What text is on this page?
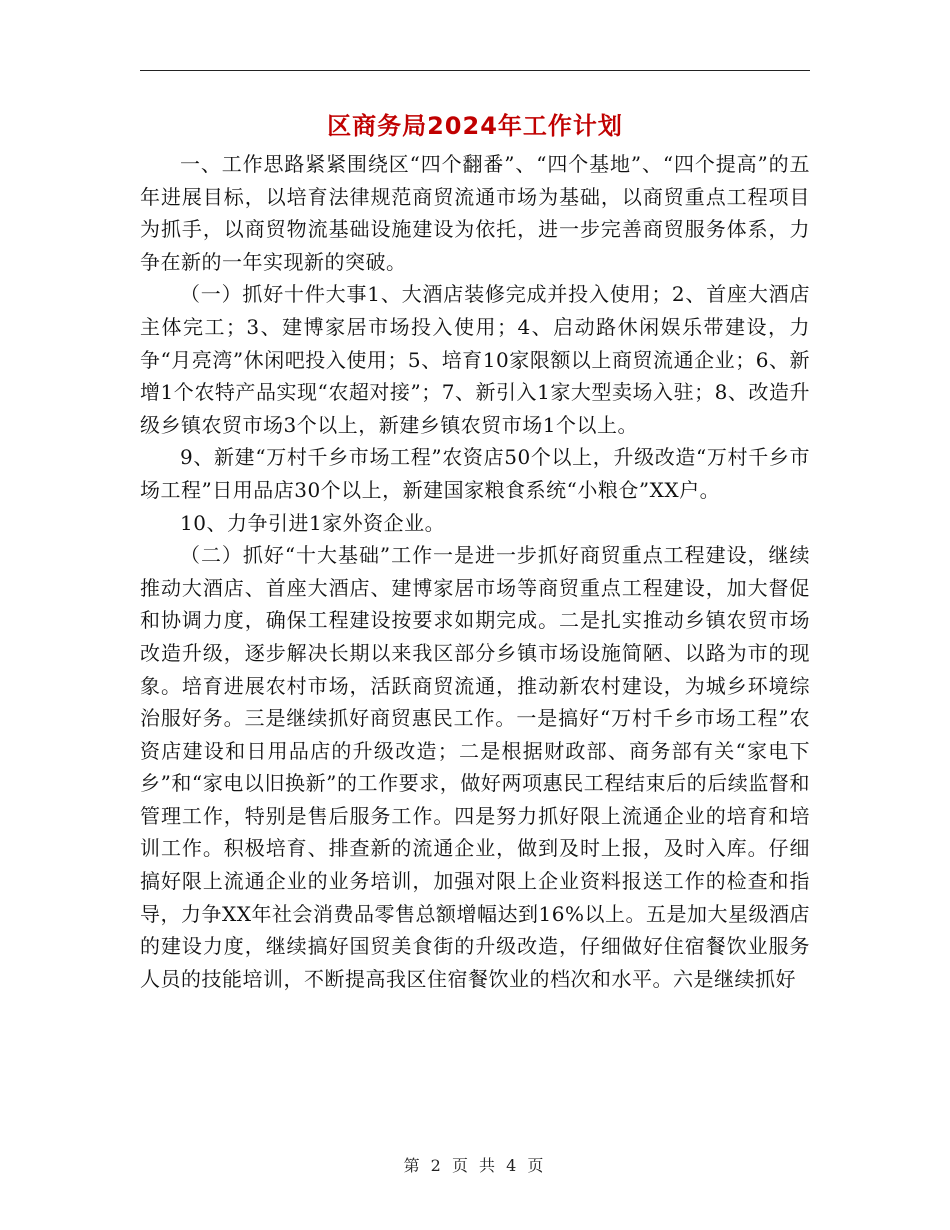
区商务局2024年工作计划

一、工作思路紧紧围绕区“四个翻番”、“四个基地”、“四个提高”的五年进展目标，以培育法律规范商贸流通市场为基础，以商贸重点工程项目为抓手，以商贸物流基础设施建设为依托，进一步完善商贸服务体系，力争在新的一年实现新的突破。

（一）抓好十件大事1、大酒店装修完成并投入使用；2、首座大酒店主体完工；3、建博家居市场投入使用；4、启动路休闲娱乐带建设，力争“月亮湾”休闲吧投入使用；5、培育10家限额以上商贸流通企业；6、新增1个农特产品实现“农超对接”；7、新引入1家大型卖场入驻；8、改造升级乡镇农贸市场3个以上，新建乡镇农贸市场1个以上。

9、新建“万村千乡市场工程”农资店50个以上，升级改造“万村千乡市场工程”日用品店30个以上，新建国家粮食系统“小粮仓”XX户。

10、力争引进1家外资企业。

（二）抓好“十大基础”工作一是进一步抓好商贸重点工程建设，继续推动大酒店、首座大酒店、建博家居市场等商贸重点工程建设，加大督促和协调力度，确保工程建设按要求如期完成。二是扎实推动乡镇农贸市场改造升级，逐步解决长期以来我区部分乡镇市场设施简陋、以路为市的现象。培育进展农村市场，活跃商贸流通，推动新农村建设，为城乡环境综治服好务。三是继续抓好商贸惠民工作。一是搞好“万村千乡市场工程”农资店建设和日用品店的升级改造；二是根据财政部、商务部有关“家电下乡”和“家电以旧换新”的工作要求，做好两项惠民工程结束后的后续监督和管理工作，特别是售后服务工作。四是努力抓好限上流通企业的培育和培训工作。积极培育、排查新的流通企业，做到及时上报，及时入库。仔细搞好限上流通企业的业务培训，加强对限上企业资料报送工作的检查和指导，力争XX年社会消费品零售总额增幅达到16%以上。五是加大星级酒店的建设力度，继续搞好国贸美食街的升级改造，仔细做好住宿餐饮业服务人员的技能培训，不断提高我区住宿餐饮业的档次和水平。六是继续抓好

第 2 页 共 4 页
